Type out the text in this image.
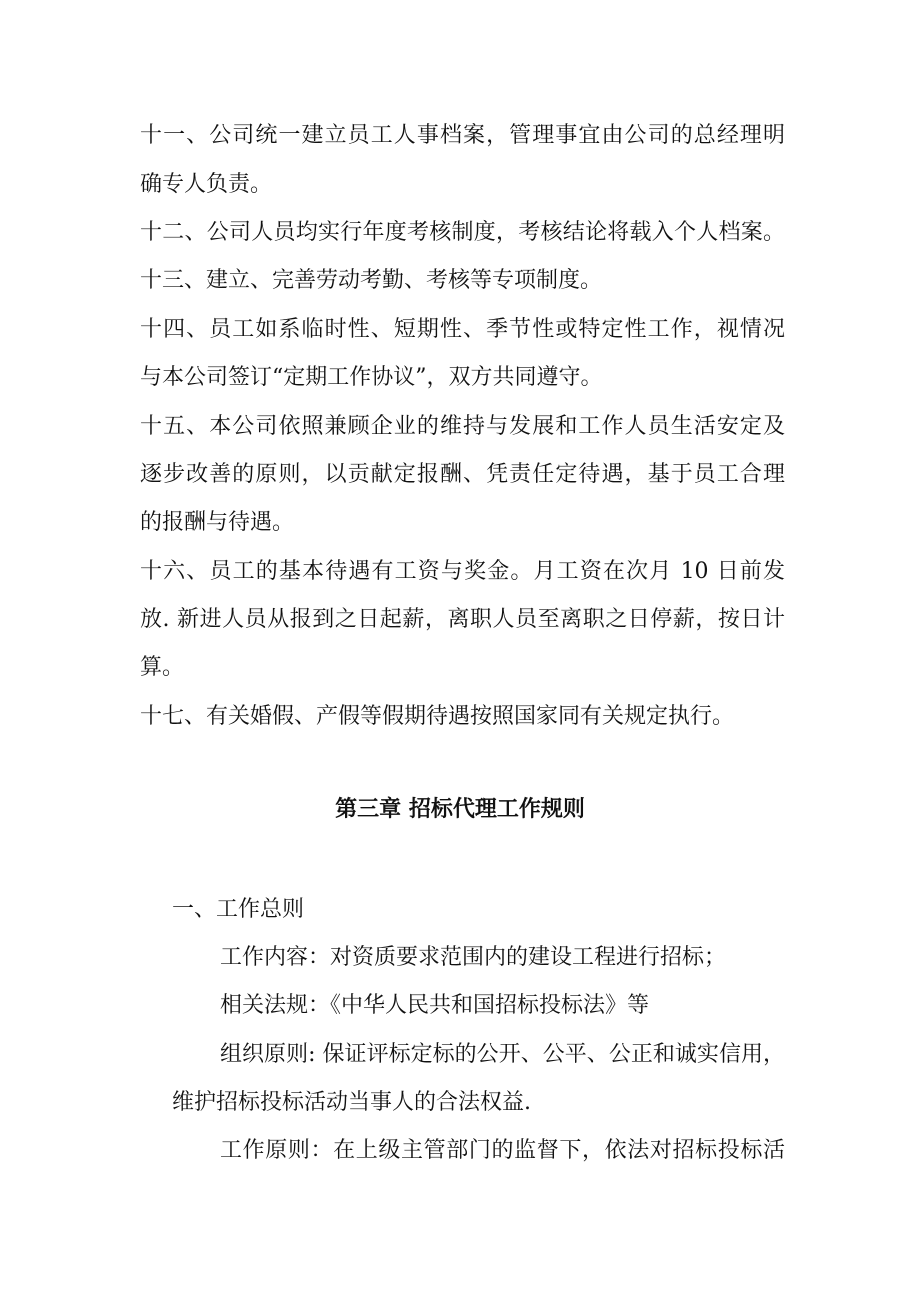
十一、公司统一建立员工人事档案，管理事宜由公司的总经理明

确专人负责。

十二、公司人员均实行年度考核制度，考核结论将载入个人档案。

十三、建立、完善劳动考勤、考核等专项制度。

十四、员工如系临时性、短期性、季节性或特定性工作，视情况

与本公司签订“定期工作协议”，双方共同遵守。

十五、本公司依照兼顾企业的维持与发展和工作人员生活安定及

逐步改善的原则，以贡献定报酬、凭责任定待遇，基于员工合理

的报酬与待遇。

十六、员工的基本待遇有工资与奖金。月工资在次月 10 日前发

放. 新进人员从报到之日起薪，离职人员至离职之日停薪，按日计

算。

十七、有关婚假、产假等假期待遇按照国家同有关规定执行。

第三章 招标代理工作规则

一、工作总则

工作内容：对资质要求范围内的建设工程进行招标；

相关法规：《中华人民共和国招标投标法》等

组织原则: 保证评标定标的公开、公平、公正和诚实信用，

维护招标投标活动当事人的合法权益.

工作原则：在上级主管部门的监督下，依法对招标投标活
